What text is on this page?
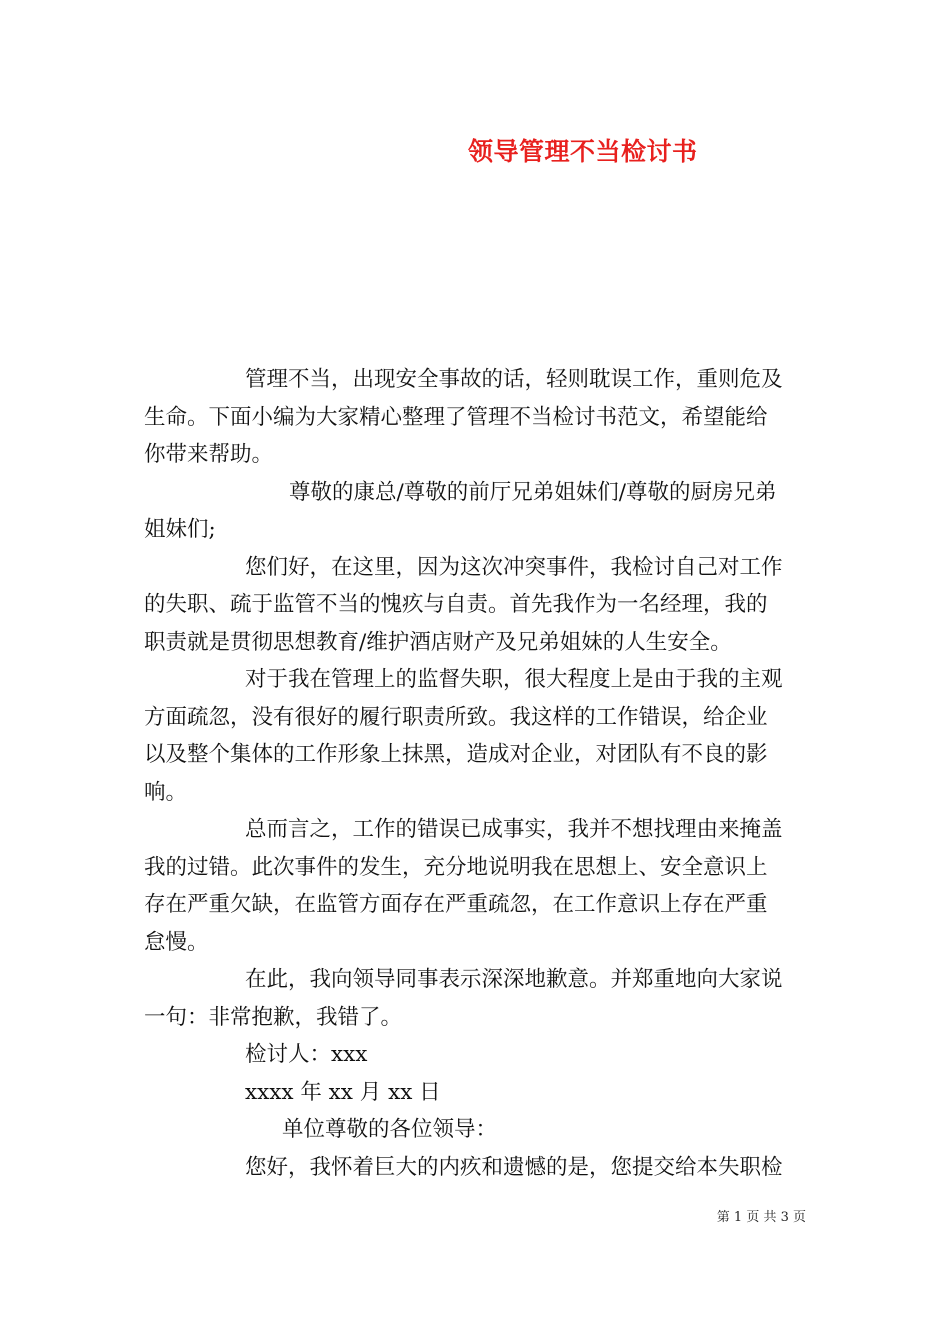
领导管理不当检讨书
管理不当，出现安全事故的话，轻则耽误工作，重则危及
生命。下面小编为大家精心整理了管理不当检讨书范文，希望能给
你带来帮助。
尊敬的康总/尊敬的前厅兄弟姐妹们/尊敬的厨房兄弟
姐妹们;
您们好，在这里，因为这次冲突事件，我检讨自己对工作
的失职、疏于监管不当的愧疚与自责。首先我作为一名经理，我的
职责就是贯彻思想教育/维护酒店财产及兄弟姐妹的人生安全。
对于我在管理上的监督失职，很大程度上是由于我的主观
方面疏忽，没有很好的履行职责所致。我这样的工作错误，给企业
以及整个集体的工作形象上抹黑，造成对企业，对团队有不良的影
响。
总而言之，工作的错误已成事实，我并不想找理由来掩盖
我的过错。此次事件的发生，充分地说明我在思想上、安全意识上
存在严重欠缺，在监管方面存在严重疏忽，在工作意识上存在严重
怠慢。
在此，我向领导同事表示深深地歉意。并郑重地向大家说
一句：非常抱歉，我错了。
检讨人：xxx
xxxx 年 xx 月 xx 日
单位尊敬的各位领导：
您好，我怀着巨大的内疚和遗憾的是，您提交给本失职检
第 1 页 共 3 页
